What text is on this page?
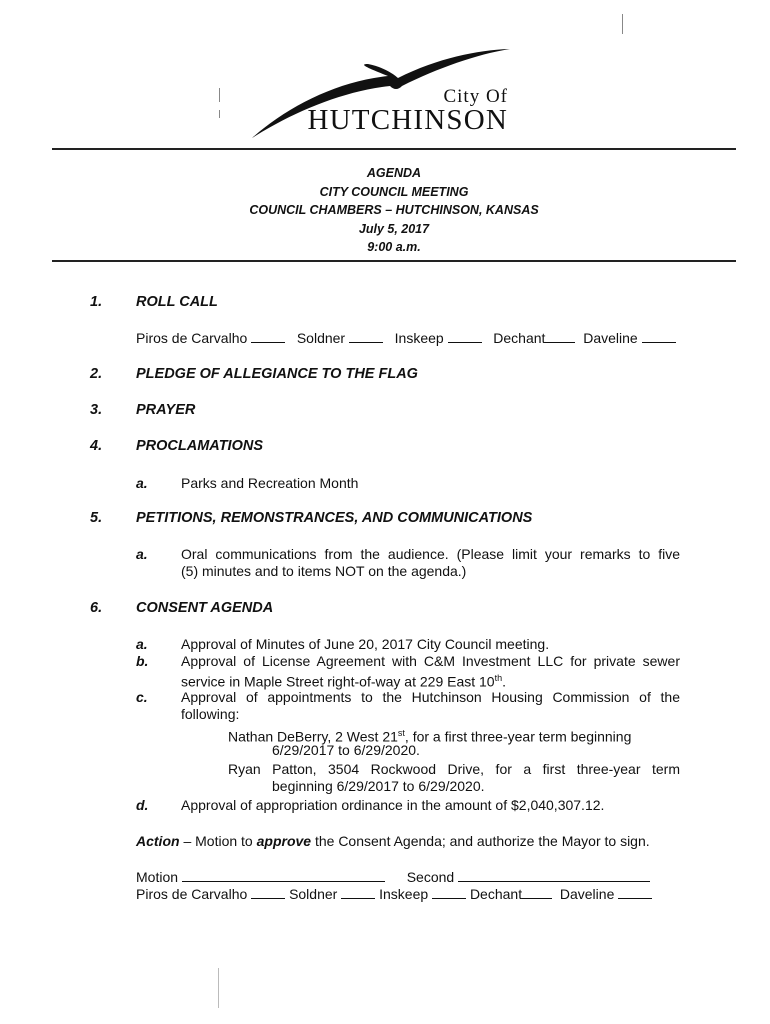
City Of
HUTCHINSON
AGENDA
CITY COUNCIL MEETING
COUNCIL CHAMBERS – HUTCHINSON, KANSAS
July 5, 2017
9:00 a.m.
1. ROLL CALL
Piros de Carvalho	Soldner	Inskeep	Dechant	Daveline
2. PLEDGE OF ALLEGIANCE TO THE FLAG
3. PRAYER
4. PROCLAMATIONS
a. Parks and Recreation Month
5. PETITIONS, REMONSTRANCES, AND COMMUNICATIONS
a. Oral communications from the audience. (Please limit your remarks to five
(5) minutes and to items NOT on the agenda.)
6. CONSENT AGENDA
a. Approval of Minutes of June 20, 2017 City Council meeting.
b. Approval of License Agreement with C&M Investment LLC for private sewer
service in Maple Street right-of-way at 229 East 10th.
c. Approval of appointments to the Hutchinson Housing Commission of the
following:
Nathan DeBerry, 2 West 21st, for a first three-year term beginning
6/29/2017 to 6/29/2020.
Ryan Patton, 3504 Rockwood Drive, for a first three-year term
beginning 6/29/2017 to 6/29/2020.
d. Approval of appropriation ordinance in the amount of $2,040,307.12.
Action – Motion to approve the Consent Agenda; and authorize the Mayor to sign.
Motion	Second
Piros de Carvalho	Soldner	Inskeep	Dechant	Daveline
